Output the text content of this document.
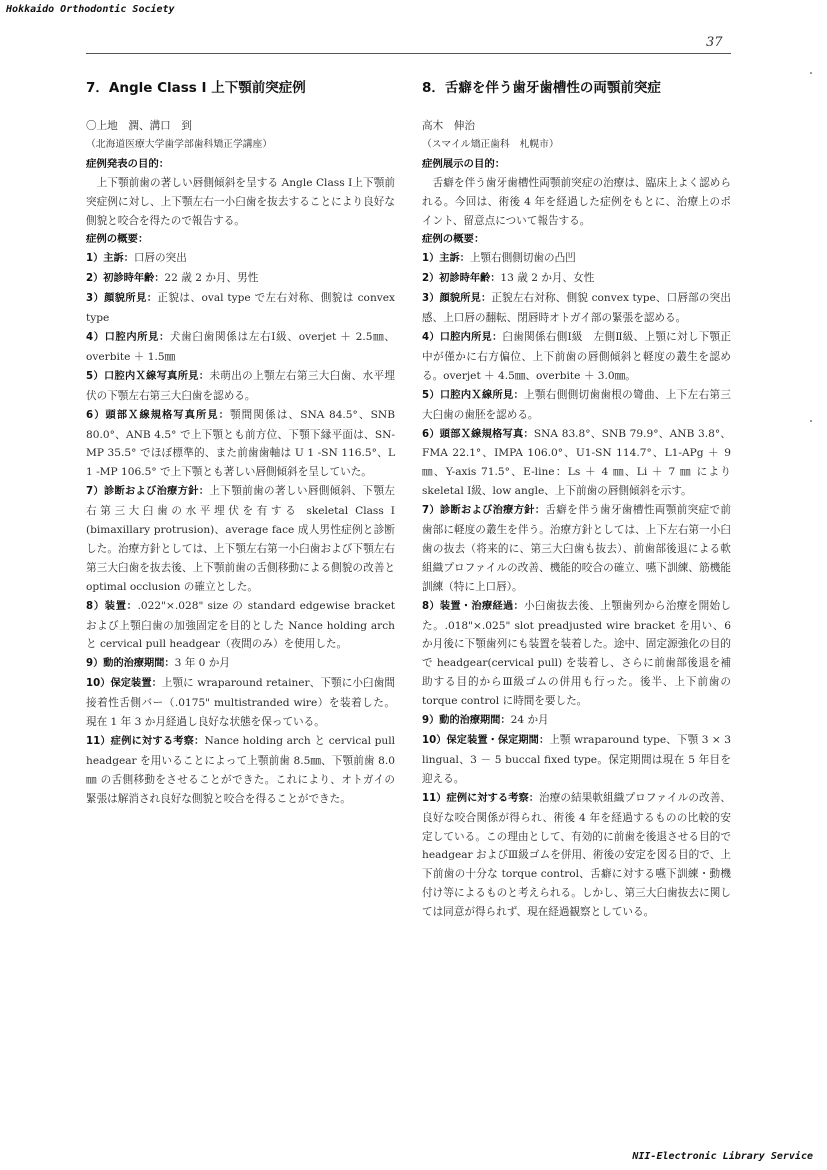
Hokkaido Orthodontic Society
37
7．Angle Class Ⅰ 上下顎前突症例

〇上地　潤、溝口　到

（北海道医療大学歯学部歯科矯正学講座）

症例発表の目的：

上下顎前歯の著しい唇側傾斜を呈する Angle Class Ⅰ上下顎前突症例に対し、上下顎左右一小臼歯を抜去することにより良好な側貌と咬合を得たので報告する。

症例の概要：

1）主訴：口唇の突出

2）初診時年齢：22 歳 2 か月、男性

3）顔貌所見：正貌は、oval type で左右対称、側貌は convex type

4）口腔内所見：犬歯臼歯関係は左右Ⅰ級、overjet ＋ 2.5㎜、overbite ＋ 1.5㎜

5）口腔内Ｘ線写真所見：未萌出の上顎左右第三大臼歯、水平埋伏の下顎左右第三大臼歯を認める。

6）頭部Ｘ線規格写真所見：顎間関係は、SNA 84.5°、SNB 80.0°、ANB 4.5° で上下顎とも前方位、下顎下縁平面は、SN-MP 35.5° でほぼ標準的、また前歯歯軸は U 1 -SN 116.5°、L 1 -MP 106.5° で上下顎とも著しい唇側傾斜を呈していた。

7）診断および治療方針：上下顎前歯の著しい唇側傾斜、下顎左右第三大臼歯の水平埋伏を有する skeletal Class Ⅰ (bimaxillary protrusion)、average face 成人男性症例と診断した。治療方針としては、上下顎左右第一小臼歯および下顎左右第三大臼歯を抜去後、上下顎前歯の舌側移動による側貌の改善と optimal occlusion の確立とした。

8）装置：.022"×.028" size の standard edgewise bracket および上顎臼歯の加強固定を目的とした Nance holding arch と cervical pull headgear（夜間のみ）を使用した。

9）動的治療期間：3 年 0 か月

10）保定装置：上顎に wraparound retainer、下顎に小臼歯間接着性舌側バー（.0175" multistranded wire）を装着した。現在 1 年 3 か月経過し良好な状態を保っている。

11）症例に対する考察：Nance holding arch と cervical pull headgear を用いることによって上顎前歯 8.5㎜、下顎前歯 8.0㎜ の舌側移動をさせることができた。これにより、オトガイの緊張は解消され良好な側貌と咬合を得ることができた。

8．舌癖を伴う歯牙歯槽性の両顎前突症

高木　伸治

（スマイル矯正歯科　札幌市）

症例展示の目的：

舌癖を伴う歯牙歯槽性両顎前突症の治療は、臨床上よく認められる。今回は、術後 4 年を経過した症例をもとに、治療上のポイント、留意点について報告する。

症例の概要：

1）主訴：上顎右側側切歯の凸凹

2）初診時年齢：13 歳 2 か月、女性

3）顔貌所見：正貌左右対称、側貌 convex type、口唇部の突出感、上口唇の翻転、閉唇時オトガイ部の緊張を認める。

4）口腔内所見：臼歯関係右側Ⅰ級　左側Ⅱ級、上顎に対し下顎正中が僅かに右方偏位、上下前歯の唇側傾斜と軽度の叢生を認める。overjet ＋ 4.5㎜、overbite ＋ 3.0㎜。

5）口腔内Ｘ線所見：上顎右側側切歯歯根の彎曲、上下左右第三大臼歯の歯胚を認める。

6）頭部Ｘ線規格写真：SNA 83.8°、SNB 79.9°、ANB 3.8°、FMA 22.1°、IMPA 106.0°、U1-SN 114.7°、L1-APg ＋ 9 ㎜、Y-axis 71.5°、E-line：Ls ＋ 4 ㎜、Li ＋ 7 ㎜ により skeletal Ⅰ級、low angle、上下前歯の唇側傾斜を示す。

7）診断および治療方針：舌癖を伴う歯牙歯槽性両顎前突症で前歯部に軽度の叢生を伴う。治療方針としては、上下左右第一小臼歯の抜去（将来的に、第三大臼歯も抜去）、前歯部後退による軟組織プロファイルの改善、機能的咬合の確立、嚥下訓練、筋機能訓練（特に上口唇）。

8）装置・治療経過：小臼歯抜去後、上顎歯列から治療を開始した。.018"×.025" slot preadjusted wire bracket を用い、6 か月後に下顎歯列にも装置を装着した。途中、固定源強化の目的で headgear(cervical pull) を装着し、さらに前歯部後退を補助する目的からⅢ級ゴムの併用も行った。後半、上下前歯の torque control に時間を要した。

9）動的治療期間：24 か月

10）保定装置・保定期間：上顎 wraparound type、下顎 3 × 3 lingual、3 － 5 buccal fixed type。保定期間は現在 5 年目を迎える。

11）症例に対する考察：治療の結果軟組織プロファイルの改善、良好な咬合関係が得られ、術後 4 年を経過するものの比較的安定している。この理由として、有効的に前歯を後退させる目的で headgear およびⅢ級ゴムを併用、術後の安定を図る目的で、上下前歯の十分な torque control、舌癖に対する嚥下訓練・動機付け等によるものと考えられる。しかし、第三大臼歯抜去に関しては同意が得られず、現在経過観察としている。

NII-Electronic Library Service
